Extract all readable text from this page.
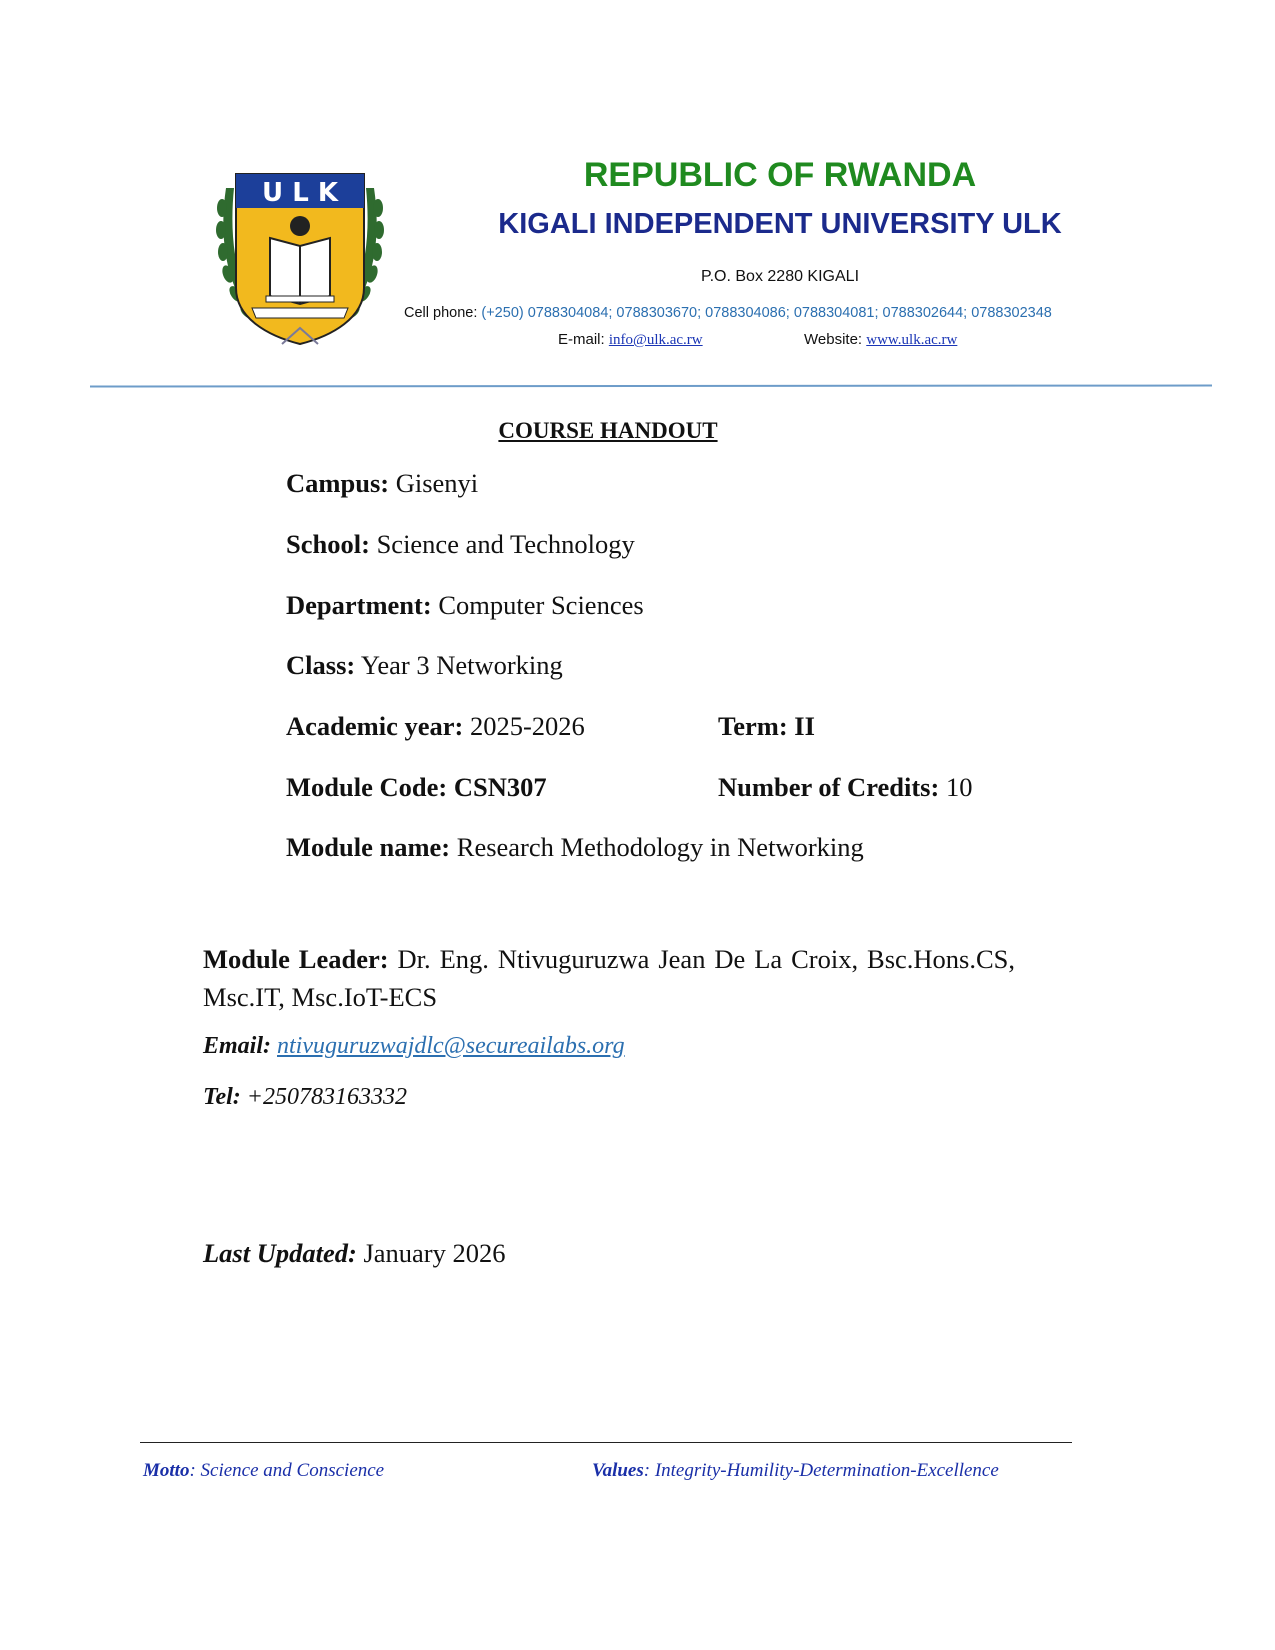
U L K	REPUBLIC OF RWANDA
KIGALI INDEPENDENT UNIVERSITY ULK
P.O. Box 2280 KIGALI
Cell phone: (+250) 0788304084; 0788303670; 0788304086; 0788304081; 0788302644; 0788302348
E-mail: info@ulk.ac.rw	Website: www.ulk.ac.rw
COURSE HANDOUT
Campus: Gisenyi
School: Science and Technology
Department: Computer Sciences
Class: Year 3 Networking
Academic year: 2025-2026	Term: II
Module Code: CSN307	Number of Credits: 10
Module name: Research Methodology in Networking
Module Leader: Dr. Eng. Ntivuguruzwa Jean De La Croix, Bsc.Hons.CS, Msc.IT, Msc.IoT-ECS
Email: ntivuguruzwajdlc@secureailabs.org
Tel: +250783163332
Last Updated: January 2026
Motto: Science and Conscience	Values: Integrity-Humility-Determination-Excellence
